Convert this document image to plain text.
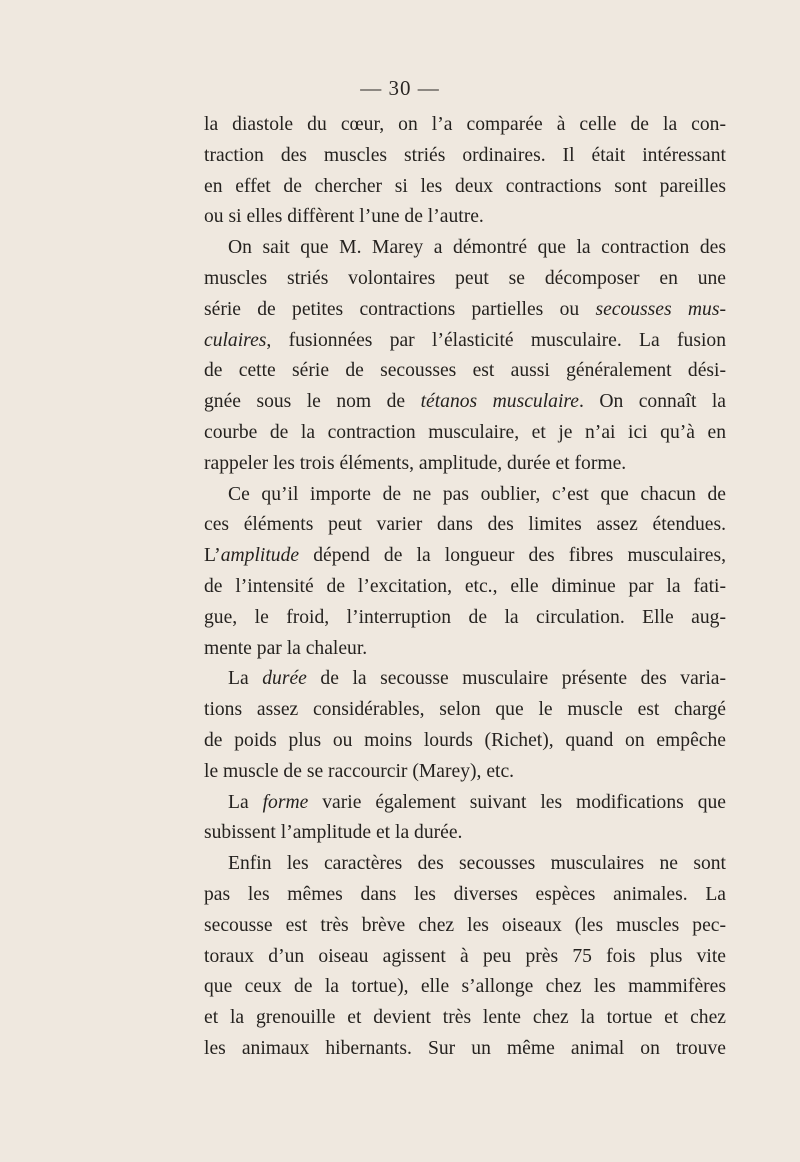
— 30 —
la diastole du cœur, on l’a comparée à celle de la con-
traction des muscles striés ordinaires. Il était intéressant
en effet de chercher si les deux contractions sont pareilles
ou si elles diffèrent l’une de l’autre.
On sait que M. Marey a démontré que la contraction des
muscles striés volontaires peut se décomposer en une
série de petites contractions partielles ou secousses mus-
culaires, fusionnées par l’élasticité musculaire. La fusion
de cette série de secousses est aussi généralement dési-
gnée sous le nom de tétanos musculaire. On connaît la
courbe de la contraction musculaire, et je n’ai ici qu’à en
rappeler les trois éléments, amplitude, durée et forme.
Ce qu’il importe de ne pas oublier, c’est que chacun de
ces éléments peut varier dans des limites assez étendues.
L’amplitude dépend de la longueur des fibres musculaires,
de l’intensité de l’excitation, etc., elle diminue par la fati-
gue, le froid, l’interruption de la circulation. Elle aug-
mente par la chaleur.
La durée de la secousse musculaire présente des varia-
tions assez considérables, selon que le muscle est chargé
de poids plus ou moins lourds (Richet), quand on empêche
le muscle de se raccourcir (Marey), etc.
La forme varie également suivant les modifications que
subissent l’amplitude et la durée.
Enfin les caractères des secousses musculaires ne sont
pas les mêmes dans les diverses espèces animales. La
secousse est très brève chez les oiseaux (les muscles pec-
toraux d’un oiseau agissent à peu près 75 fois plus vite
que ceux de la tortue), elle s’allonge chez les mammifères
et la grenouille et devient très lente chez la tortue et chez
les animaux hibernants. Sur un même animal on trouve
